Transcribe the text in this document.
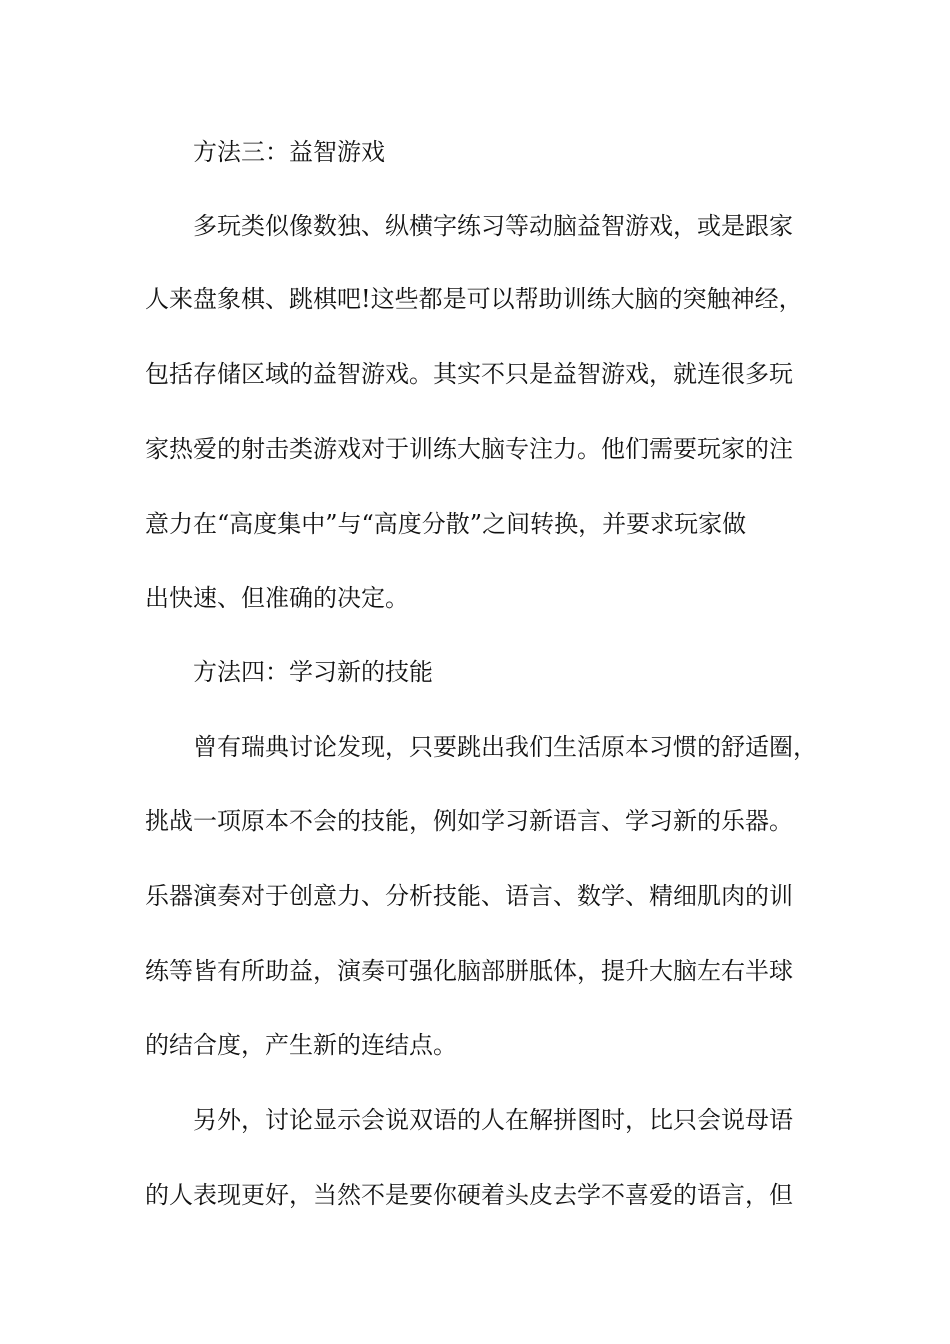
方法三：益智游戏
多玩类似像数独、纵横字练习等动脑益智游戏，或是跟家
人来盘象棋、跳棋吧!这些都是可以帮助训练大脑的突触神经，
包括存储区域的益智游戏。其实不只是益智游戏，就连很多玩
家热爱的射击类游戏对于训练大脑专注力。他们需要玩家的注
意力在“高度集中”与“高度分散”之间转换，并要求玩家做
出快速、但准确的决定。
方法四：学习新的技能
曾有瑞典讨论发现，只要跳出我们生活原本习惯的舒适圈，
挑战一项原本不会的技能，例如学习新语言、学习新的乐器。
乐器演奏对于创意力、分析技能、语言、数学、精细肌肉的训
练等皆有所助益，演奏可强化脑部胼胝体，提升大脑左右半球
的结合度，产生新的连结点。
另外，讨论显示会说双语的人在解拼图时，比只会说母语
的人表现更好，当然不是要你硬着头皮去学不喜爱的语言，但
